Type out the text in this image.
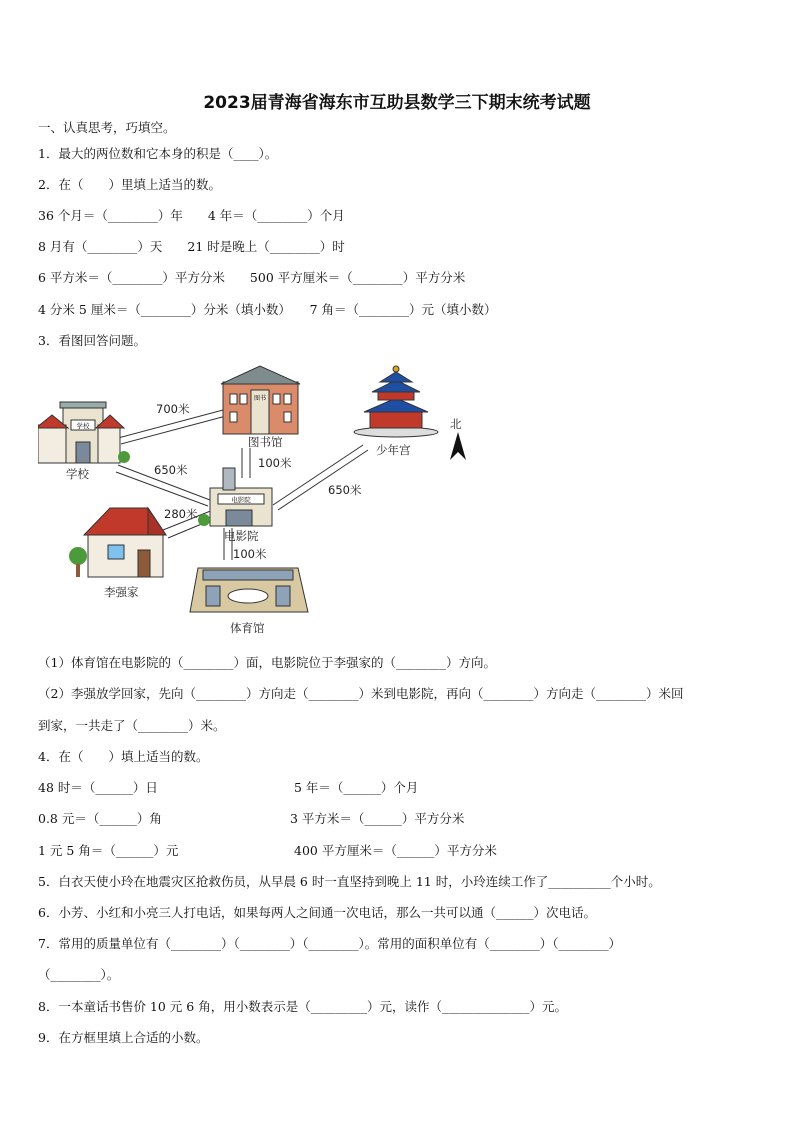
2023届青海省海东市互助县数学三下期末统考试题
一、认真思考，巧填空。
1．最大的两位数和它本身的积是（____）。
2．在（　　）里填上适当的数。
36 个月＝（________）年　　4 年＝（________）个月
8 月有（________）天　　21 时是晚上（________）时
6 平方米＝（________）平方分米　　500 平方厘米＝（________）平方分米
4 分米 5 厘米＝（________）分米（填小数）　　7 角＝（________）元（填小数）
3．看图回答问题。
学校
学校
图书
图书馆
少年宫
北
电影院
电影院
李强家
体育馆
700米
100米
650米
650米
280米
100米
（1）体育馆在电影院的（________）面，电影院位于李强家的（________）方向。
（2）李强放学回家，先向（________）方向走（________）米到电影院，再向（________）方向走（________）米回
到家，一共走了（________）米。
4．在（　　）填上适当的数。
48 时＝（______）日	5 年＝（______）个月
0.8 元＝（______）角	3 平方米＝（______）平方分米
1 元 5 角＝（______）元	400 平方厘米＝（______）平方分米
5．白衣天使小玲在地震灾区抢救伤员，从早晨 6 时一直坚持到晚上 11 时，小玲连续工作了__________个小时。
6．小芳、小红和小亮三人打电话，如果每两人之间通一次电话，那么一共可以通（______）次电话。
7．常用的质量单位有（________）（________）（________）。常用的面积单位有（________）（________）
（________）。
8．一本童话书售价 10 元 6 角，用小数表示是（_________）元，读作（______________）元。
9．在方框里填上合适的小数。
